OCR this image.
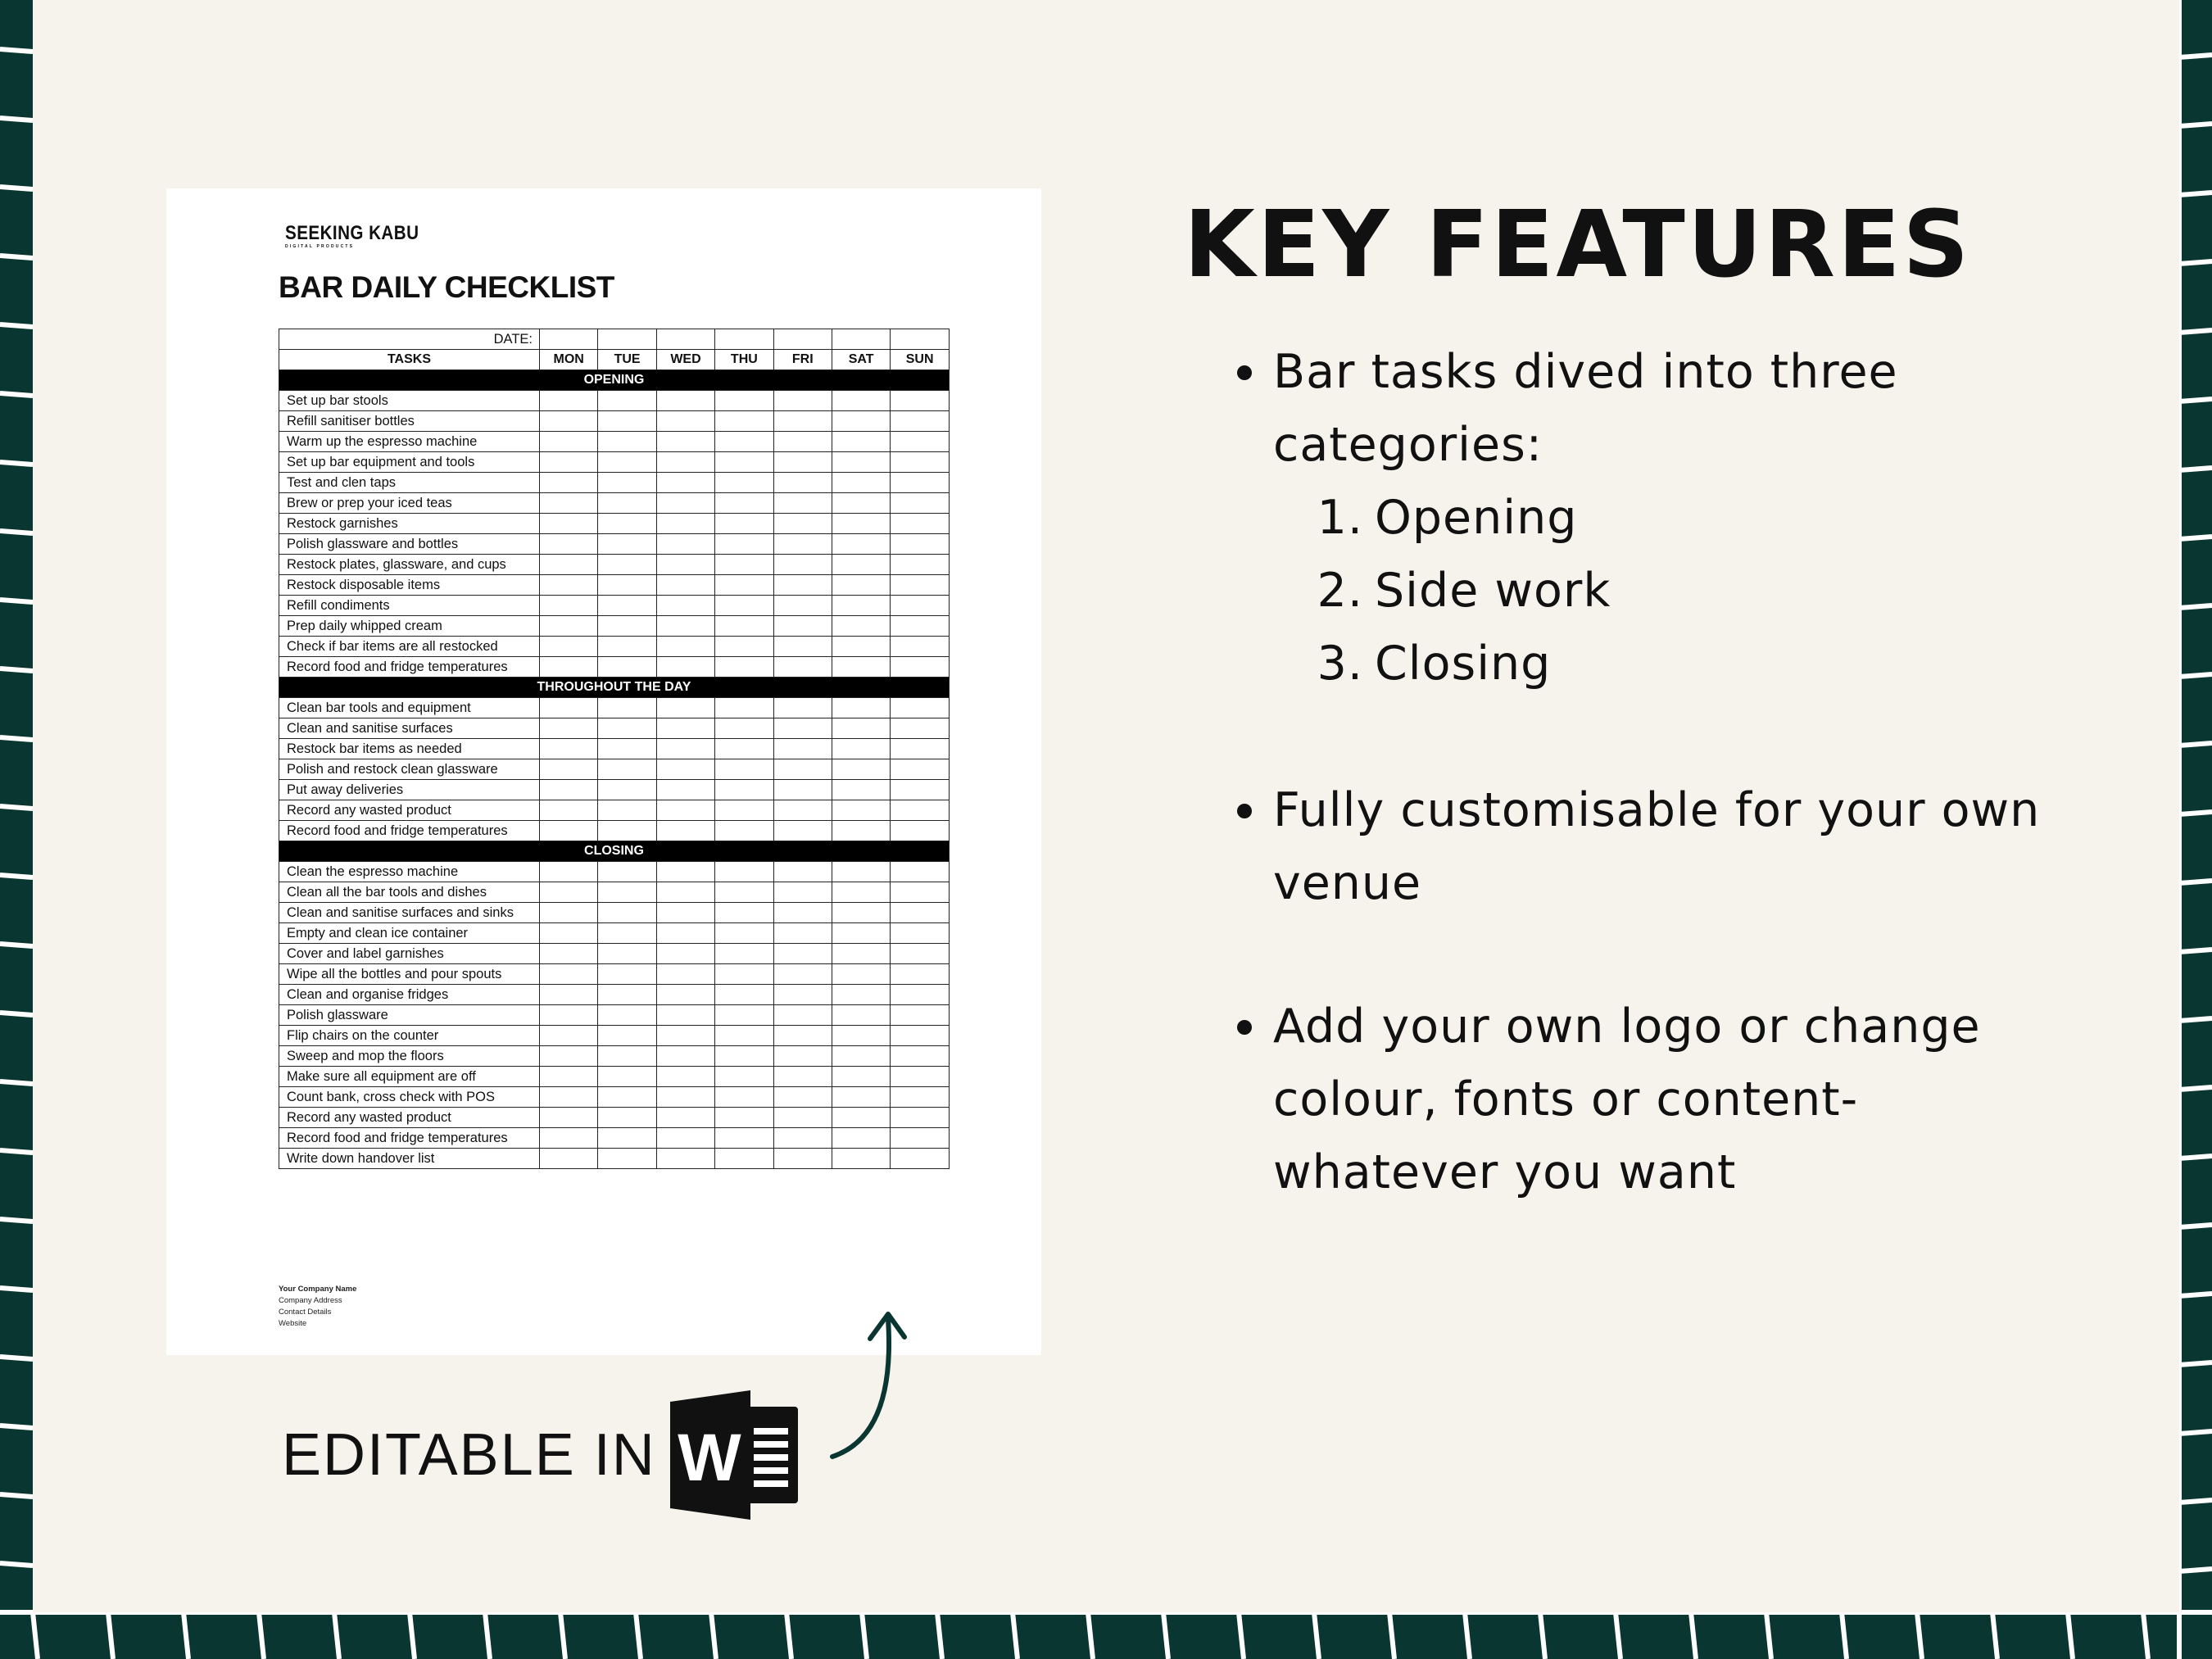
SEEKING KABU
DIGITAL PRODUCTS
BAR DAILY CHECKLIST
DATE:							
TASKS	MON	TUE	WED	THU	FRI	SAT	SUN
OPENING							
Set up bar stools							
Refill sanitiser bottles							
Warm up the espresso machine							
Set up bar equipment and tools							
Test and clen taps							
Brew or prep your iced teas							
Restock garnishes							
Polish glassware and bottles							
Restock plates, glassware, and cups							
Restock disposable items							
Refill condiments							
Prep daily whipped cream							
Check if bar items are all restocked							
Record food and fridge temperatures							
THROUGHOUT THE DAY							
Clean bar tools and equipment							
Clean and sanitise surfaces							
Restock bar items as needed							
Polish and restock clean glassware							
Put away deliveries							
Record any wasted product							
Record food and fridge temperatures							
CLOSING							
Clean the espresso machine							
Clean all the bar tools and dishes							
Clean and sanitise surfaces and sinks							
Empty and clean ice container							
Cover and label garnishes							
Wipe all the bottles and pour spouts							
Clean and organise fridges							
Polish glassware							
Flip chairs on the counter							
Sweep and mop the floors							
Make sure all equipment are off							
Count bank, cross check with POS							
Record any wasted product							
Record food and fridge temperatures							
Write down handover list							
Your Company Name
Company Address
Contact Details
Website
EDITABLE IN W
KEY FEATURES
Bar tasks dived into three categories:
1. Opening
2. Side work
3. Closing
Fully customisable for your own venue
Add your own logo or change colour, fonts or content- whatever you want
